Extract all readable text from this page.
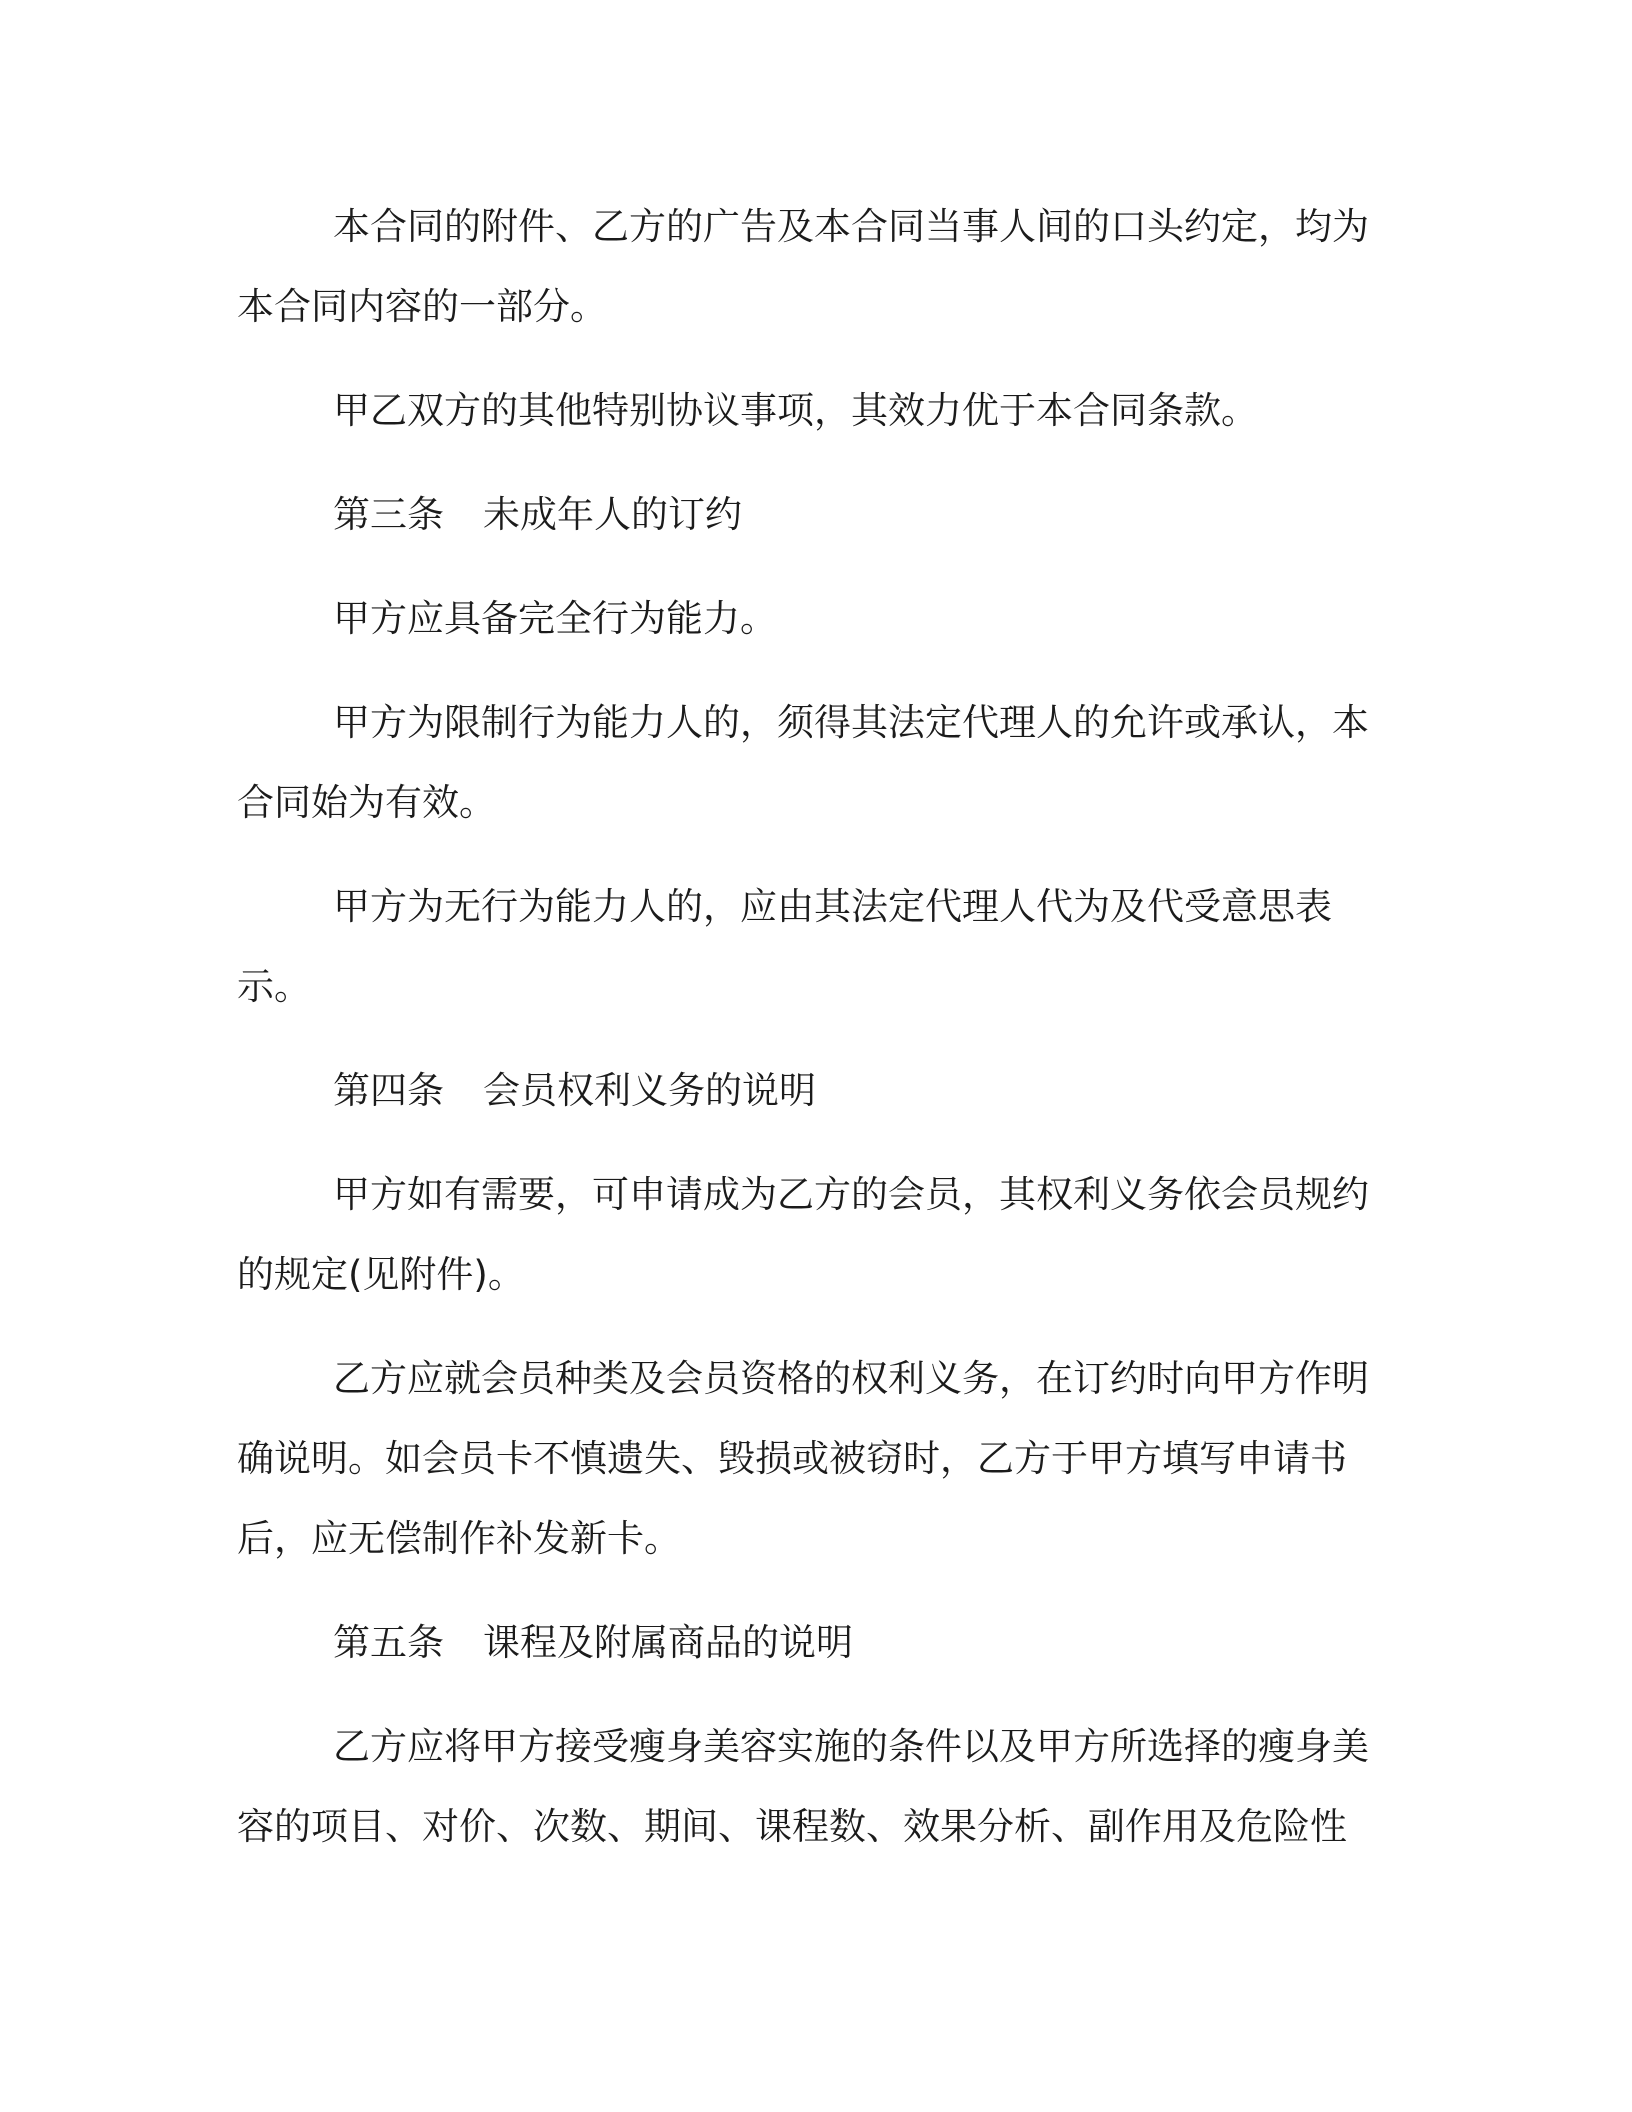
本合同的附件、乙方的广告及本合同当事人间的口头约定，均为本合同内容的一部分。

甲乙双方的其他特别协议事项，其效力优于本合同条款。

第三条 未成年人的订约

甲方应具备完全行为能力。

甲方为限制行为能力人的，须得其法定代理人的允许或承认，本合同始为有效。

甲方为无行为能力人的，应由其法定代理人代为及代受意思表示。

第四条 会员权利义务的说明

甲方如有需要，可申请成为乙方的会员，其权利义务依会员规约的规定(见附件)。

乙方应就会员种类及会员资格的权利义务，在订约时向甲方作明确说明。如会员卡不慎遗失、毁损或被窃时，乙方于甲方填写申请书后，应无偿制作补发新卡。

第五条 课程及附属商品的说明

乙方应将甲方接受瘦身美容实施的条件以及甲方所选择的瘦身美容的项目、对价、次数、期间、课程数、效果分析、副作用及危险性
